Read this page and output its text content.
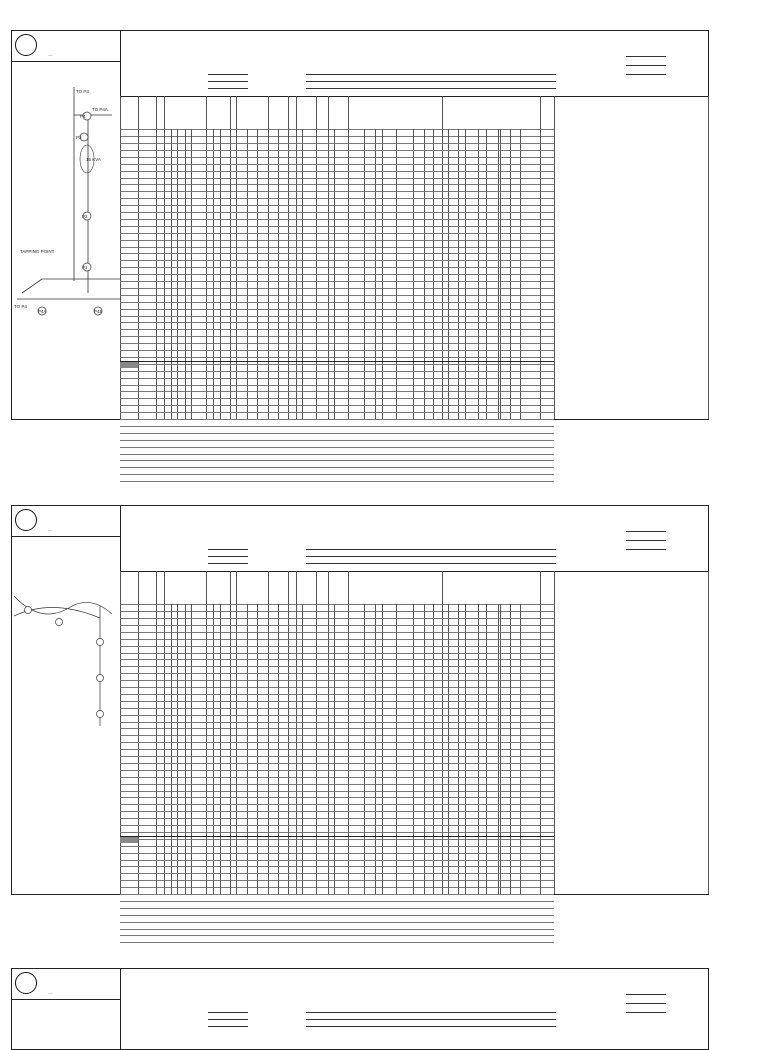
__
TO P3
TO P4A
P4
P3
15 KVA
P2
P1
TAPPING POINT
TO P4
P4A	P4B
__
__
